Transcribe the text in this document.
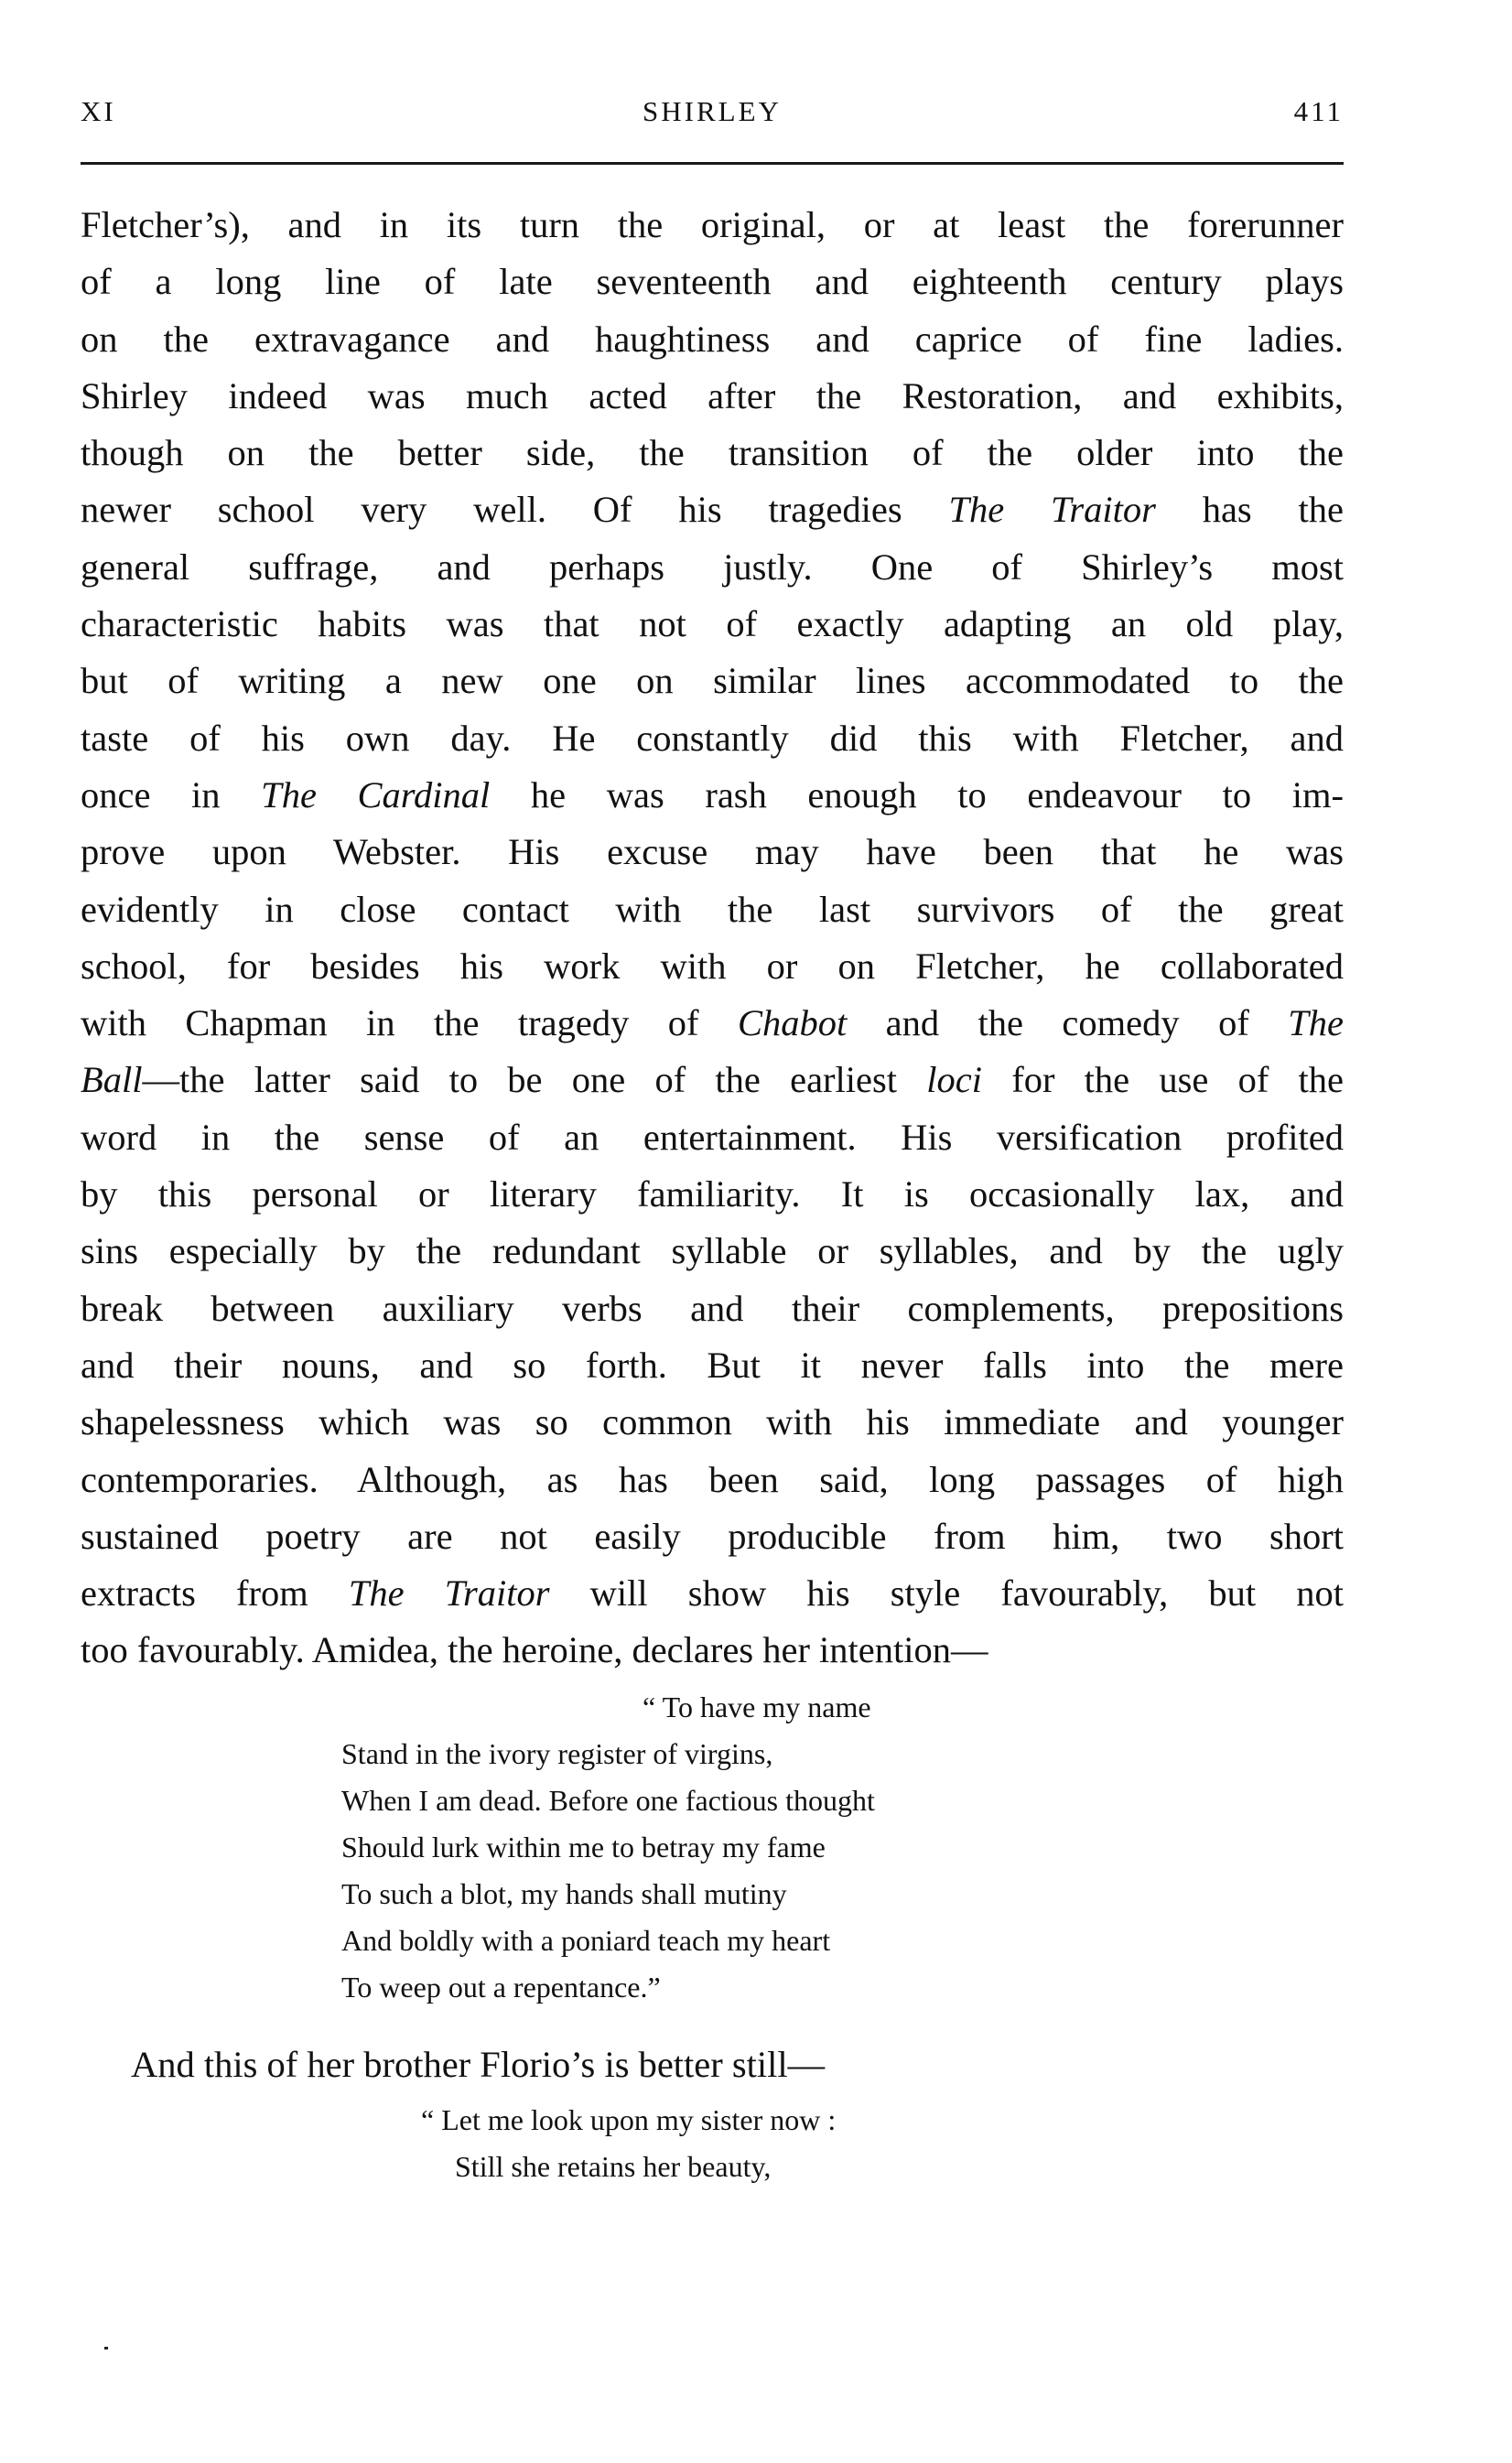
XI	SHIRLEY	411
Fletcher’s), and in its turn the original, or at least the forerunner
of a long line of late seventeenth and eighteenth century plays
on the extravagance and haughtiness and caprice of fine ladies.
Shirley indeed was much acted after the Restoration, and exhibits,
though on the better side, the transition of the older into the
newer school very well. Of his tragedies The Traitor has the
general suffrage, and perhaps justly. One of Shirley’s most
characteristic habits was that not of exactly adapting an old play,
but of writing a new one on similar lines accommodated to the
taste of his own day. He constantly did this with Fletcher, and
once in The Cardinal he was rash enough to endeavour to im-
prove upon Webster. His excuse may have been that he was
evidently in close contact with the last survivors of the great
school, for besides his work with or on Fletcher, he collaborated
with Chapman in the tragedy of Chabot and the comedy of The
Ball—the latter said to be one of the earliest loci for the use of the
word in the sense of an entertainment. His versification profited
by this personal or literary familiarity. It is occasionally lax, and
sins especially by the redundant syllable or syllables, and by the ugly
break between auxiliary verbs and their complements, prepositions
and their nouns, and so forth. But it never falls into the mere
shapelessness which was so common with his immediate and younger
contemporaries. Although, as has been said, long passages of high
sustained poetry are not easily producible from him, two short
extracts from The Traitor will show his style favourably, but not
too favourably. Amidea, the heroine, declares her intention—
“ To have my name
Stand in the ivory register of virgins,
When I am dead. Before one factious thought
Should lurk within me to betray my fame
To such a blot, my hands shall mutiny
And boldly with a poniard teach my heart
To weep out a repentance.”
And this of her brother Florio’s is better still—
“ Let me look upon my sister now :
Still she retains her beauty,
